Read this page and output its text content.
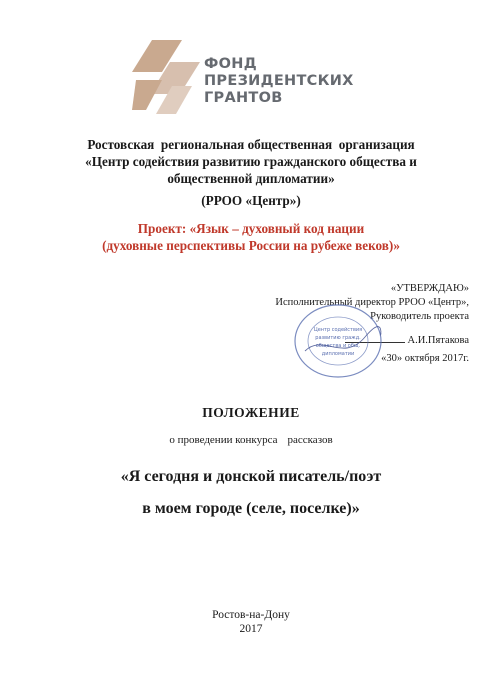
ФОНД
ПРЕЗИДЕНТСКИХ
ГРАНТОВ
Ростовская  региональная общественная  организация
«Центр содействия развитию гражданского общества и
общественной дипломатии»
(РРОО «Центр»)
Проект: «Язык – духовный код нации
(духовные перспективы России на рубеже веков)»
«УТВЕРЖДАЮ»
Исполнительный директор РРОО «Центр»,
Руководитель проекта
А.И.Пятакова
«30» октября 2017г.
Центр содействия
развитию гражд.
общества и общ.
дипломатии
ПОЛОЖЕНИЕ
о проведении конкурса рассказов
«Я сегодня и донской писатель/поэт
в моем городе (селе, поселке)»
Ростов-на-Дону
2017
